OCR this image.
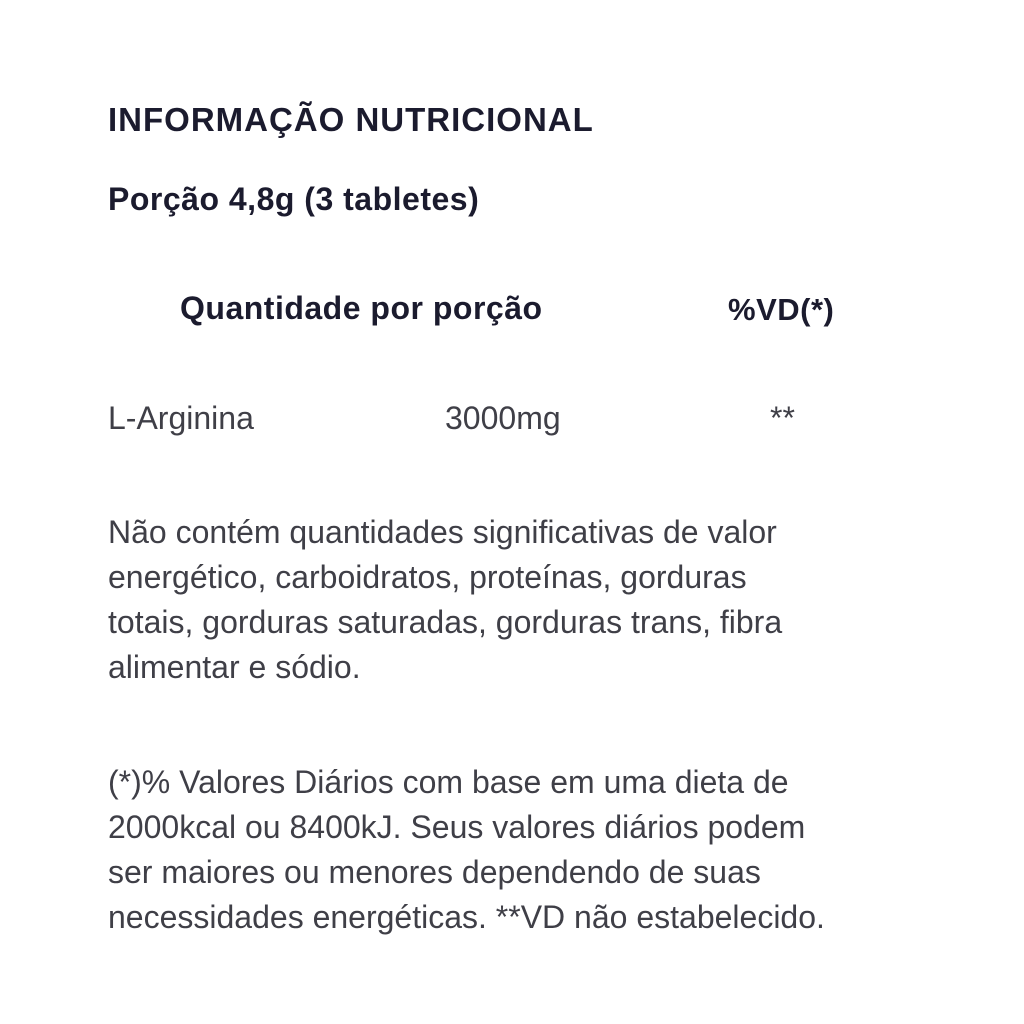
INFORMAÇÃO NUTRICIONAL
Porção 4,8g (3 tabletes)
Quantidade por porção	%VD(*)
L-Arginina	3000mg	**
Não contém quantidades significativas de valor
energético, carboidratos, proteínas, gorduras
totais, gorduras saturadas, gorduras trans, fibra
alimentar e sódio.
(*)% Valores Diários com base em uma dieta de
2000kcal ou 8400kJ. Seus valores diários podem
ser maiores ou menores dependendo de suas
necessidades energéticas. **VD não estabelecido.
